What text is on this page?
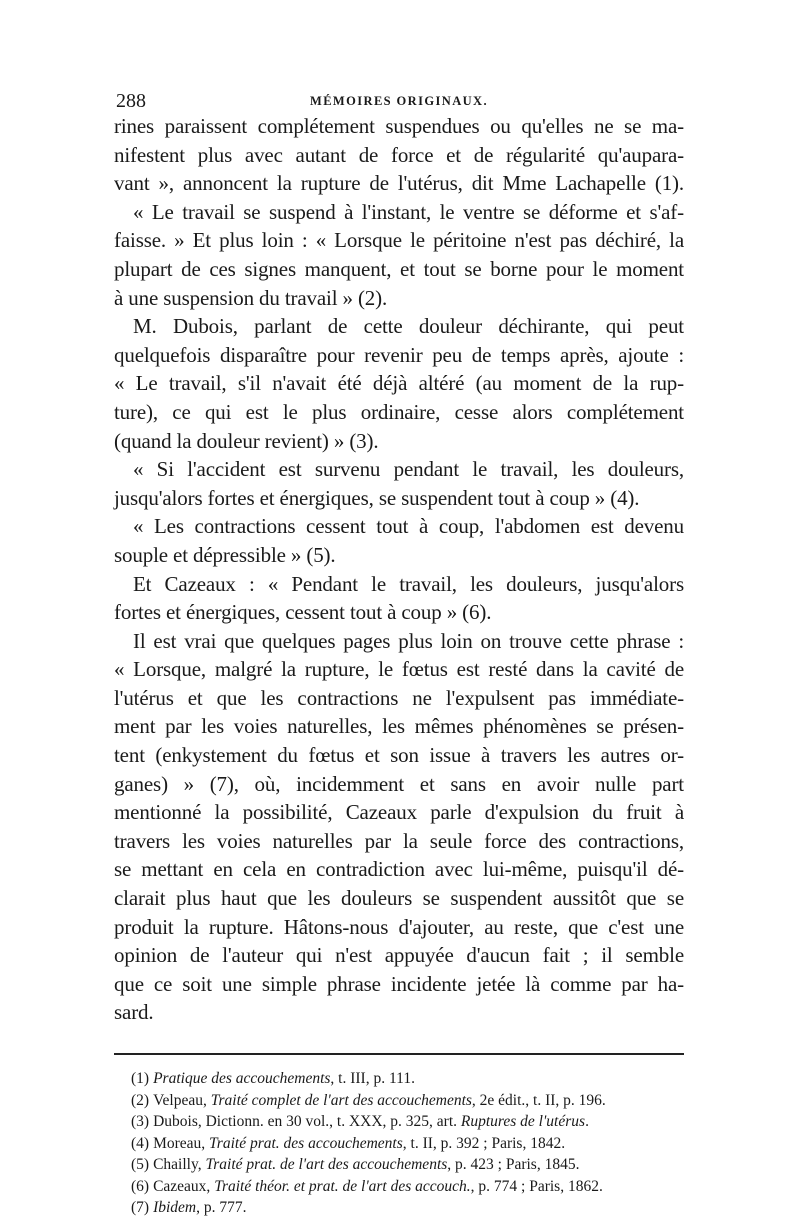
288	MÉMOIRES ORIGINAUX.
rines paraissent complétement suspendues ou qu'elles ne se ma-
nifestent plus avec autant de force et de régularité qu'aupara-
vant », annoncent la rupture de l'utérus, dit Mme Lachapelle (1).
« Le travail se suspend à l'instant, le ventre se déforme et s'af-
faisse. » Et plus loin : « Lorsque le péritoine n'est pas déchiré, la
plupart de ces signes manquent, et tout se borne pour le moment
à une suspension du travail » (2).
M. Dubois, parlant de cette douleur déchirante, qui peut
quelquefois disparaître pour revenir peu de temps après, ajoute :
« Le travail, s'il n'avait été déjà altéré (au moment de la rup-
ture), ce qui est le plus ordinaire, cesse alors complétement
(quand la douleur revient) » (3).
« Si l'accident est survenu pendant le travail, les douleurs,
jusqu'alors fortes et énergiques, se suspendent tout à coup » (4).
« Les contractions cessent tout à coup, l'abdomen est devenu
souple et dépressible » (5).
Et Cazeaux : « Pendant le travail, les douleurs, jusqu'alors
fortes et énergiques, cessent tout à coup » (6).
Il est vrai que quelques pages plus loin on trouve cette phrase :
« Lorsque, malgré la rupture, le fœtus est resté dans la cavité de
l'utérus et que les contractions ne l'expulsent pas immédiate-
ment par les voies naturelles, les mêmes phénomènes se présen-
tent (enkystement du fœtus et son issue à travers les autres or-
ganes) » (7), où, incidemment et sans en avoir nulle part
mentionné la possibilité, Cazeaux parle d'expulsion du fruit à
travers les voies naturelles par la seule force des contractions,
se mettant en cela en contradiction avec lui-même, puisqu'il dé-
clarait plus haut que les douleurs se suspendent aussitôt que se
produit la rupture. Hâtons-nous d'ajouter, au reste, que c'est une
opinion de l'auteur qui n'est appuyée d'aucun fait ; il semble
que ce soit une simple phrase incidente jetée là comme par ha-
sard.
(1) Pratique des accouchements, t. III, p. 111.
(2) Velpeau, Traité complet de l'art des accouchements, 2e édit., t. II, p. 196.
(3) Dubois, Dictionn. en 30 vol., t. XXX, p. 325, art. Ruptures de l'utérus.
(4) Moreau, Traité prat. des accouchements, t. II, p. 392 ; Paris, 1842.
(5) Chailly, Traité prat. de l'art des accouchements, p. 423 ; Paris, 1845.
(6) Cazeaux, Traité théor. et prat. de l'art des accouch., p. 774 ; Paris, 1862.
(7) Ibidem, p. 777.
